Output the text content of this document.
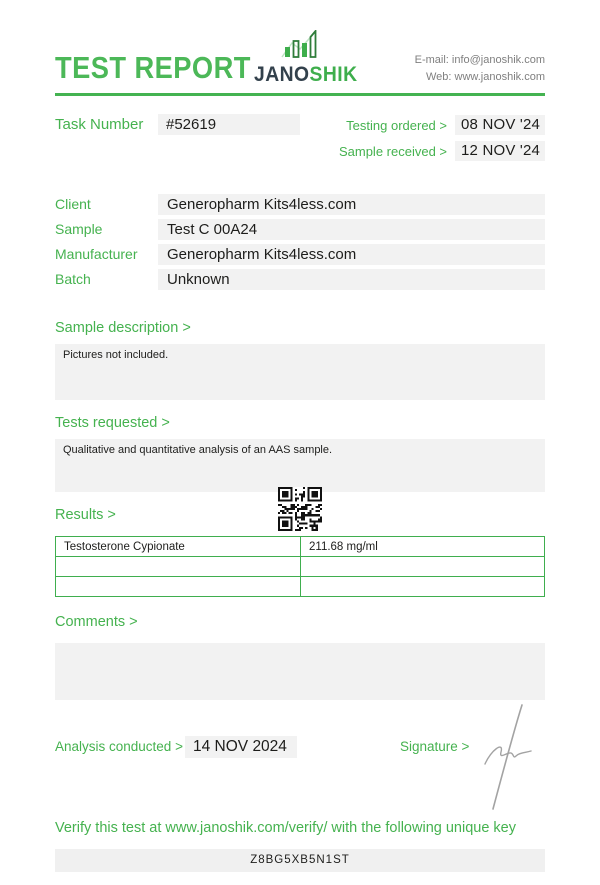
TEST REPORT JANOSHIK
E-mail: info@janoshik.com
Web: www.janoshik.com
Task Number	#52619	Testing ordered > 08 NOV '24
Sample received > 12 NOV '24
Client	Generopharm Kits4less.com
Sample	Test C 00A24
Manufacturer	Generopharm Kits4less.com
Batch	Unknown
Sample description >
Pictures not included.
Tests requested >
Qualitative and quantitative analysis of an AAS sample.
Results >
Testosterone Cypionate	211.68 mg/ml

Comments >
Analysis conducted > 14 NOV 2024	Signature >
Verify this test at www.janoshik.com/verify/ with the following unique key
Z8BG5XB5N1ST
